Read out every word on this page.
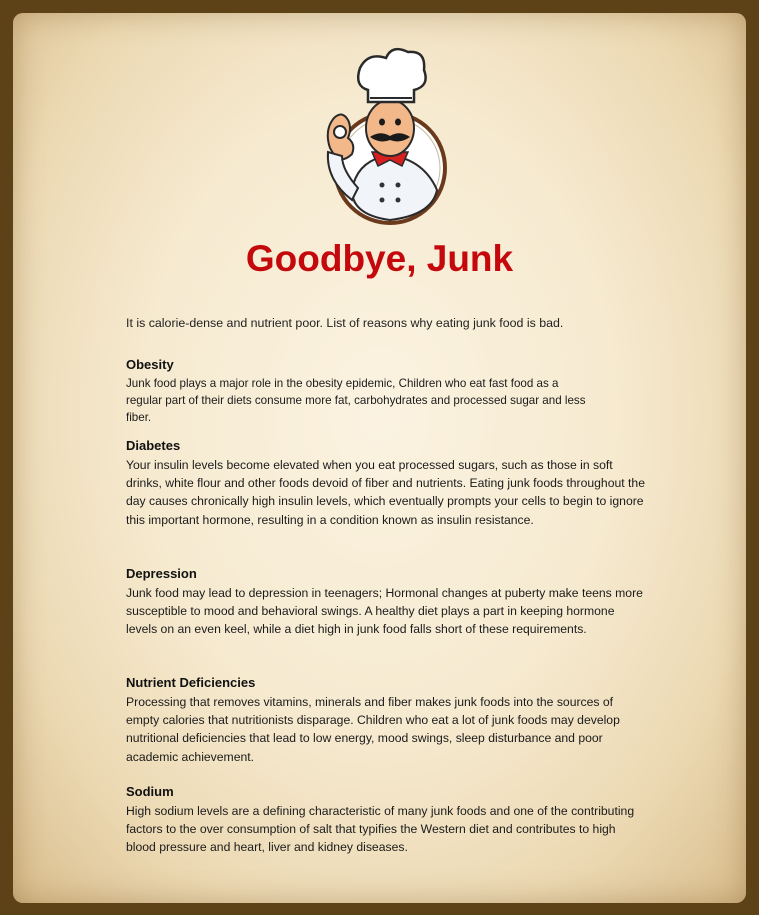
Goodbye, Junk

It is calorie-dense and nutrient poor. List of reasons why eating junk food is bad.

Obesity

Junk food plays a major role in the obesity epidemic, Children who eat fast food as a regular part of their diets consume more fat, carbohydrates and processed sugar and less fiber.

Diabetes

Your insulin levels become elevated when you eat processed sugars, such as those in soft drinks, white flour and other foods devoid of fiber and nutrients. Eating junk foods throughout the day causes chronically high insulin levels, which eventually prompts your cells to begin to ignore this important hormone, resulting in a condition known as insulin resistance.

Depression

Junk food may lead to depression in teenagers; Hormonal changes at puberty make teens more susceptible to mood and behavioral swings. A healthy diet plays a part in keeping hormone levels on an even keel, while a diet high in junk food falls short of these requirements.

Nutrient Deficiencies

Processing that removes vitamins, minerals and fiber makes junk foods into the sources of empty calories that nutritionists disparage. Children who eat a lot of junk foods may develop nutritional deficiencies that lead to low energy, mood swings, sleep disturbance and poor academic achievement.

Sodium

High sodium levels are a defining characteristic of many junk foods and one of the contributing factors to the over consumption of salt that typifies the Western diet and contributes to high blood pressure and heart, liver and kidney diseases.
